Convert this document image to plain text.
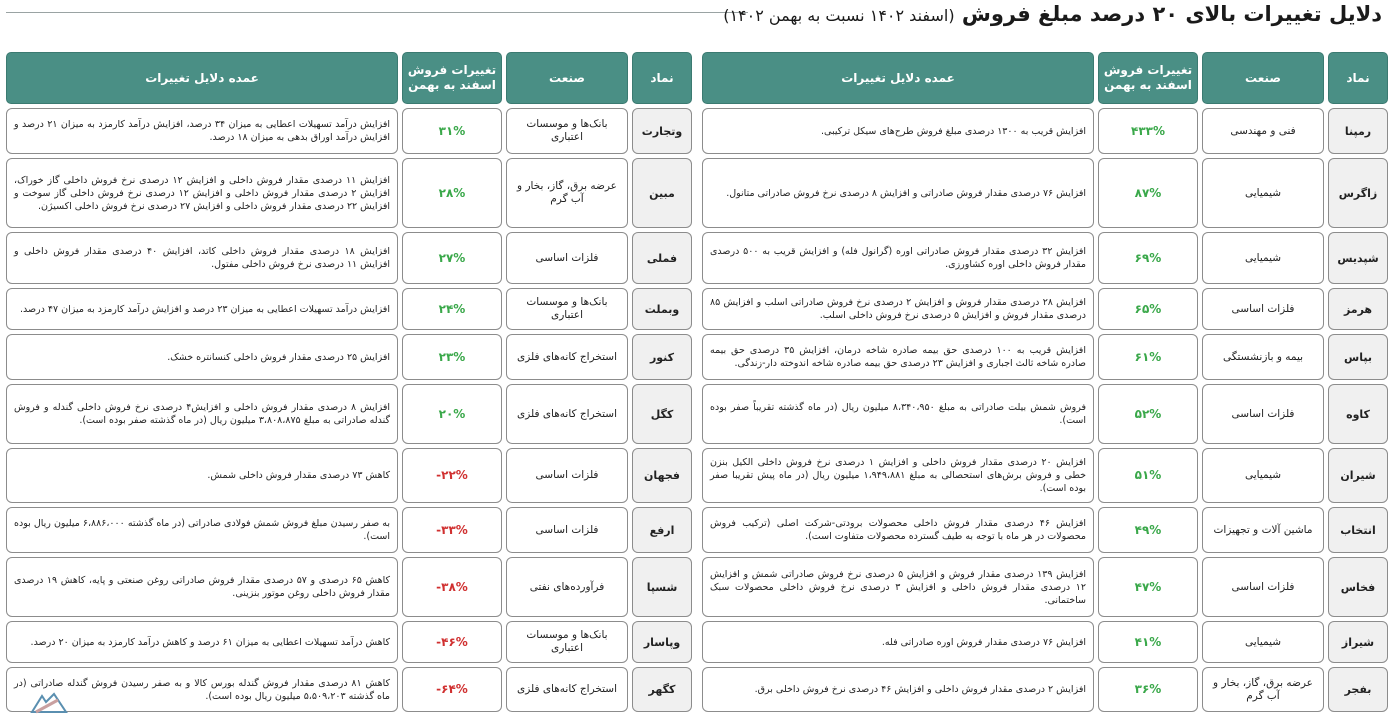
دلایل تغییرات بالای ۲۰ درصد مبلغ فروش (اسفند ۱۴۰۲ نسبت به بهمن ۱۴۰۲)
نماد
صنعت
تغییرات فروش اسفند به بهمن
عمده دلایل تغییرات
رمپنا
فنی و مهندسی
۴۳۳%
افزایش قریب به ۱۳۰۰ درصدی مبلغ فروش طرح‌های سیکل ترکیبی.
زاگرس
شیمیایی
۸۷%
افزایش ۷۶ درصدی مقدار فروش صادراتی و افزایش ۸ درصدی نرخ فروش صادراتی متانول.
شپدیس
شیمیایی
۶۹%
افزایش ۳۲ درصدی مقدار فروش صادراتی اوره (گرانول فله) و افزایش قریب به ۵۰۰ درصدی مقدار فروش داخلی اوره کشاورزی.
هرمز
فلزات اساسی
۶۵%
افزایش ۲۸ درصدی مقدار فروش و افزایش ۲ درصدی نرخ فروش صادراتی اسلب و افزایش ۸۵ درصدی مقدار فروش و افزایش ۵ درصدی نرخ فروش داخلی اسلب.
بپاس
بیمه و بازنشستگی
۶۱%
افزایش قریب به ۱۰۰ درصدی حق بیمه صادره شاخه درمان، افزایش ۳۵ درصدی حق بیمه صادره شاخه ثالث اجباری و افزایش ۲۳ درصدی حق بیمه صادره شاخه اندوخته دار-زندگی.
کاوه
فلزات اساسی
۵۲%
فروش شمش بیلت صادراتی به مبلغ ۸،۳۴۰،۹۵۰ میلیون ریال (در ماه گذشته تقریباً صفر بوده است).
شیران
شیمیایی
۵۱%
افزایش ۲۰ درصدی مقدار فروش داخلی و افزایش ۱ درصدی نرخ فروش داخلی الکیل بنزن خطی و فروش برش‌های استحصالی به مبلغ ۱،۹۴۹،۸۸۱ میلیون ریال (در ماه پیش تقریبا صفر بوده است).
انتخاب
ماشین آلات و تجهیزات
۴۹%
افزایش ۴۶ درصدی مقدار فروش داخلی محصولات برودتی-شرکت اصلی (ترکیب فروش محصولات در هر ماه با توجه به طیف گسترده محصولات متفاوت است).
فخاس
فلزات اساسی
۴۷%
افزایش ۱۳۹ درصدی مقدار فروش و افزایش ۵ درصدی نرخ فروش صادراتی شمش و افزایش ۱۲ درصدی مقدار فروش داخلی و افزایش ۳ درصدی نرخ فروش داخلی محصولات سبک ساختمانی.
شیراز
شیمیایی
۴۱%
افزایش ۷۶ درصدی مقدار فروش اوره صادراتی فله.
بفجر
عرضه برق، گاز، بخار و آب گرم
۳۶%
افزایش ۲ درصدی مقدار فروش داخلی و افزایش ۴۶ درصدی نرخ فروش داخلی برق.
نماد
صنعت
تغییرات فروش اسفند به بهمن
عمده دلایل تغییرات
وتجارت
بانک‌ها و موسسات اعتباری
۳۱%
افزایش درآمد تسهیلات اعطایی به میزان ۳۴ درصد، افزایش درآمد کارمزد به میزان ۲۱ درصد و افزایش درآمد اوراق بدهی به میزان ۱۸ درصد.
مبین
عرضه برق، گاز، بخار و آب گرم
۲۸%
افزایش ۱۱ درصدی مقدار فروش داخلی و افزایش ۱۲ درصدی نرخ فروش داخلی گاز خوراک، افزایش ۲ درصدی مقدار فروش داخلی و افزایش ۱۲ درصدی نرخ فروش داخلی گاز سوخت و افزایش ۲۲ درصدی مقدار فروش داخلی و افزایش ۲۷ درصدی نرخ فروش داخلی اکسیژن.
فملی
فلزات اساسی
۲۷%
افزایش ۱۸ درصدی مقدار فروش داخلی کاتد، افزایش ۴۰ درصدی مقدار فروش داخلی و افزایش ۱۱ درصدی نرخ فروش داخلی مفتول.
وبملت
بانک‌ها و موسسات اعتباری
۲۴%
افزایش درآمد تسهیلات اعطایی به میزان ۲۳ درصد و افزایش درآمد کارمزد به میزان ۴۷ درصد.
کنور
استخراج کانه‌های فلزی
۲۳%
افزایش ۲۵ درصدی مقدار فروش داخلی کنسانتره خشک.
کگل
استخراج کانه‌های فلزی
۲۰%
افزایش ۸ درصدی مقدار فروش داخلی و افزایش۴ درصدی نرخ فروش داخلی گندله و فروش گندله صادراتی به مبلغ ۳،۸۰۸،۸۷۵ میلیون ریال (در ماه گذشته صفر بوده است).
فجهان
فلزات اساسی
-۲۲%
کاهش ۷۳ درصدی مقدار فروش داخلی شمش.
ارفع
فلزات اساسی
-۳۳%
به صفر رسیدن مبلغ فروش شمش فولادی صادراتی (در ماه گذشته ۶،۸۸۶،۰۰۰ میلیون ریال بوده است).
شسپا
فرآورده‌های نفتی
-۳۸%
کاهش ۶۵ درصدی و ۵۷ درصدی مقدار فروش صادراتی روغن صنعتی و پایه، کاهش ۱۹ درصدی مقدار فروش داخلی روغن موتور بنزینی.
وپاسار
بانک‌ها و موسسات اعتباری
-۴۶%
کاهش درآمد تسهیلات اعطایی به میزان ۶۱ درصد و کاهش درآمد کارمزد به میزان ۲۰ درصد.
کگهر
استخراج کانه‌های فلزی
-۶۴%
کاهش ۸۱ درصدی مقدار فروش گندله بورس کالا و به صفر رسیدن فروش گندله صادراتی (در ماه گذشته ۵،۵۰۹،۲۰۳ میلیون ریال بوده است).
